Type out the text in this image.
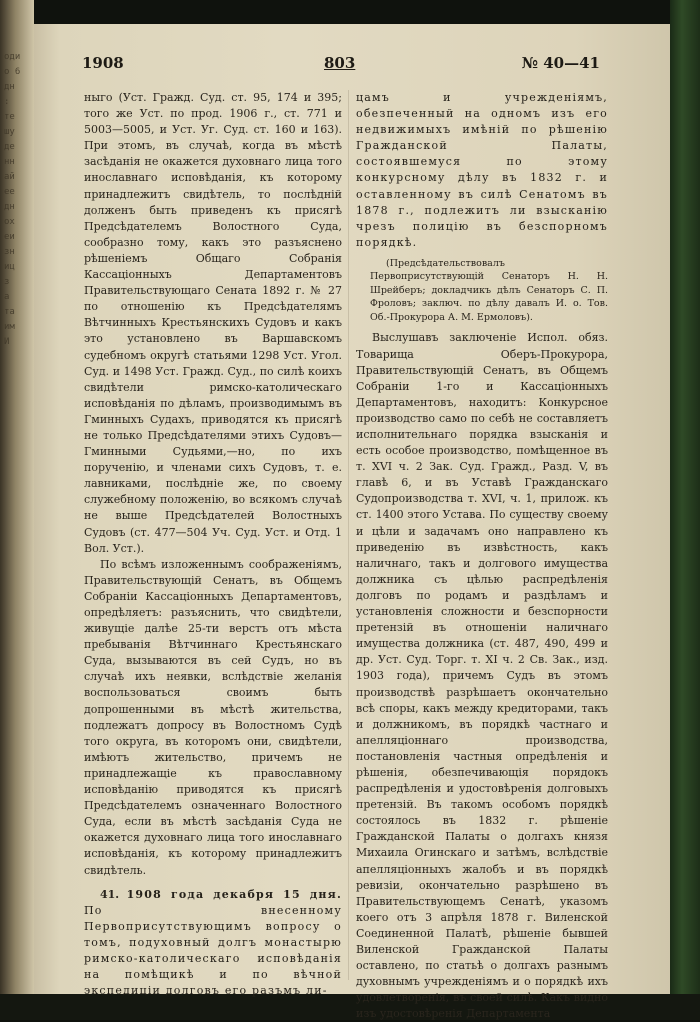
оди
о 6
дн
:
те
шу
де
нн
ай
ее
дн
ох
еи
зн
иц
з
а
та
им
И
1908	803	№ 40—41

ныго (Уст. Гражд. Суд. ст. 95, 174 и 395; того же Уст. по прод. 1906 г., ст. 771 и 5003—5005, и Уст. Уг. Суд. ст. 160 и 163). При этомъ, въ случаѣ, когда въ мѣстѣ засѣданія не окажется духовнаго лица того инославнаго исповѣданія, къ которому принадлежитъ свидѣтель, то послѣдній долженъ быть приведенъ къ присягѣ Предсѣдателемъ Волостного Суда, сообразно тому, какъ это разъяснено рѣшеніемъ Общаго Собранія Кассаціонныхъ Департаментовъ Правительствующаго Сената 1892 г. № 27 по отношенію къ Предсѣдателямъ Вѣтчинныхъ Крестьянскихъ Судовъ и какъ это установлено въ Варшавскомъ судебномъ округѣ статьями 1298 Уст. Угол. Суд. и 1498 Уст. Гражд. Суд., по силѣ коихъ свидѣтели римско-католическаго исповѣданія по дѣламъ, производимымъ въ Гминныхъ Судахъ, приводятся къ присягѣ не только Предсѣдателями этихъ Судовъ—Гминными Судьями,—но, по ихъ порученію, и членами сихъ Судовъ, т. е. лавниками, послѣдніе же, по своему служебному положенію, во всякомъ случаѣ не выше Предсѣдателей Волостныхъ Судовъ (ст. 477—504 Уч. Суд. Уст. и Отд. 1 Вол. Уст.).

По всѣмъ изложеннымъ соображеніямъ, Правительствующій Сенатъ, въ Общемъ Собраніи Кассаціонныхъ Департаментовъ, опредѣляетъ: разъяснить, что свидѣтели, живущіе далѣе 25-ти верстъ отъ мѣста пребыванія Вѣтчиннаго Крестьянскаго Суда, вызываются въ сей Судъ, но въ случаѣ ихъ неявки, вслѣдствіе желанія воспользоваться своимъ быть допрошенными въ мѣстѣ жительства, подлежатъ допросу въ Волостномъ Судѣ того округа, въ которомъ они, свидѣтели, имѣютъ жительство, причемъ не принадлежащіе къ православному исповѣданію приводятся къ присягѣ Предсѣдателемъ означеннаго Волостного Суда, если въ мѣстѣ засѣданія Суда не окажется духовнаго лица того инославнаго исповѣданія, къ которому принадлежитъ свидѣтель.

41. 1908 года декабря 15 дня. По внесенному Первоприсутствующимъ вопросу о томъ, подуховный долгъ монастырю римско-католическаго исповѣданія на помѣщикѣ и по вѣчной экспедиціи долговъ его разъмъ ли-

цамъ и учрежденіямъ, обезпеченный на одномъ изъ его недвижимыхъ имѣній по рѣшенію Гражданской Палаты, состоявшемуся по этому конкурсному дѣлу въ 1832 г. и оставленному въ силѣ Сенатомъ въ 1878 г., подлежитъ ли взысканію чрезъ полицію въ безспорномъ порядкѣ.

(Предсѣдательствовалъ Первоприсутствующій Сенаторъ Н. Н. Шрейберъ; докладчикъ дѣлъ Сенаторъ С. П. Фроловъ; заключ. по дѣлу давалъ И. о. Тов. Об.-Прокурора А. М. Ермоловъ).

Выслушавъ заключеніе Испол. обяз. Товарища Оберъ-Прокурора, Правительствующій Сенатъ, въ Общемъ Собраніи 1-го и Кассаціонныхъ Департаментовъ, находитъ: Конкурсное производство само по себѣ не составляетъ исполнительнаго порядка взысканія и есть особое производство, помѣщенное въ т. XVI ч. 2 Зак. Суд. Гражд., Разд. V, въ главѣ 6, и въ Уставѣ Гражданскаго Судопроизводства т. XVI, ч. 1, прилож. къ ст. 1400 этого Устава. По существу своему и цѣли и задачамъ оно направлено къ приведенію въ извѣстность, какъ наличнаго, такъ и долгового имущества должника съ цѣлью распредѣленія долговъ по родамъ и раздѣламъ и установленія сложности и безспорности претензій въ отношеніи наличнаго имущества должника (ст. 487, 490, 499 и др. Уст. Суд. Торг. т. XI ч. 2 Св. Зак., изд. 1903 года), причемъ Судъ въ этомъ производствѣ разрѣшаетъ окончательно всѣ споры, какъ между кредиторами, такъ и должникомъ, въ порядкѣ частнаго и апелляціоннаго производства, постановленія частныя опредѣленія и рѣшенія, обезпечивающія порядокъ распредѣленія и удостовѣренія долговыхъ претензій. Въ такомъ особомъ порядкѣ состоялось въ 1832 г. рѣшеніе Гражданской Палаты о долгахъ князя Михаила Огинскаго и затѣмъ, вслѣдствіе апелляціонныхъ жалобъ и въ порядкѣ ревизіи, окончательно разрѣшено въ Правительствующемъ Сенатѣ, указомъ коего отъ 3 апрѣля 1878 г. Виленской Соединенной Палатѣ, рѣшеніе бывшей Виленской Гражданской Палаты оставлено, по статьѣ о долгахъ разнымъ духовнымъ учрежденіямъ и о порядкѣ ихъ удовлетворенія, въ своей силѣ. Какъ видно изъ удостовѣренія Департамента
